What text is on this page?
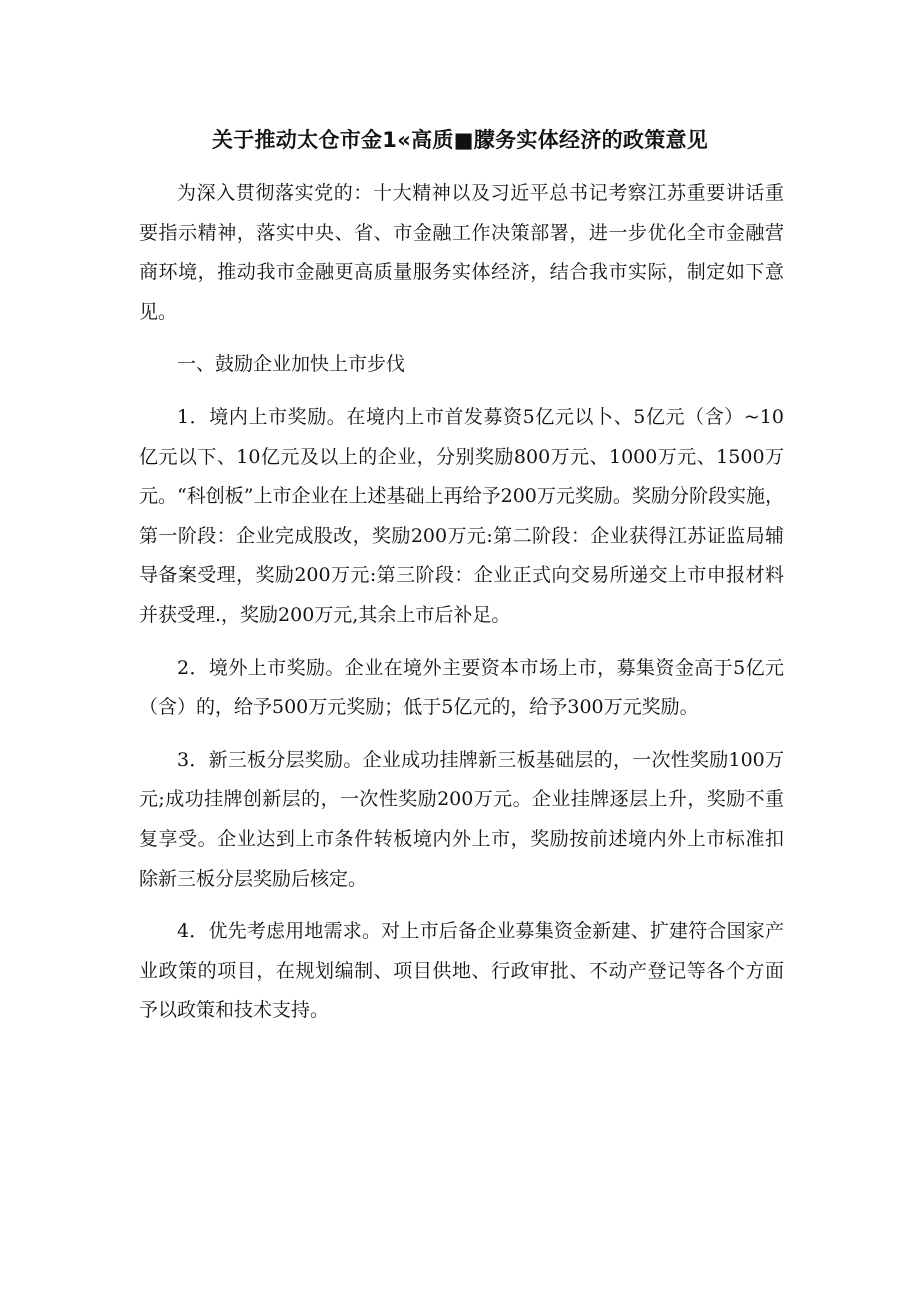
关于推动太仓市金1«高质■朦务实体经济的政策意见

为深入贯彻落实党的：十大精神以及习近平总书记考察江苏重要讲话重要指示精神，落实中央、省、市金融工作决策部署，进一步优化全市金融营商环境，推动我市金融更高质量服务实体经济，结合我市实际，制定如下意见。

一、鼓励企业加快上市步伐

1．境内上市奖励。在境内上市首发募资5亿元以卜、5亿元（含）~10亿元以下、10亿元及以上的企业，分别奖励800万元、1000万元、1500万元。“科创板”上市企业在上述基础上再给予200万元奖励。奖励分阶段实施，第一阶段：企业完成股改，奖励200万元:第二阶段：企业获得江苏证监局辅导备案受理，奖励200万元:第三阶段：企业正式向交易所递交上市申报材料并获受理.，奖励200万元,其余上市后补足。

2．境外上市奖励。企业在境外主要资本市场上市，募集资金高于5亿元（含）的，给予500万元奖励；低于5亿元的，给予300万元奖励。

3．新三板分层奖励。企业成功挂牌新三板基础层的，一次性奖励100万元;成功挂牌创新层的，一次性奖励200万元。企业挂牌逐层上升，奖励不重复享受。企业达到上市条件转板境内外上市，奖励按前述境内外上市标准扣除新三板分层奖励后核定。

4．优先考虑用地需求。对上市后备企业募集资金新建、扩建符合国家产业政策的项目，在规划编制、项目供地、行政审批、不动产登记等各个方面予以政策和技术支持。
